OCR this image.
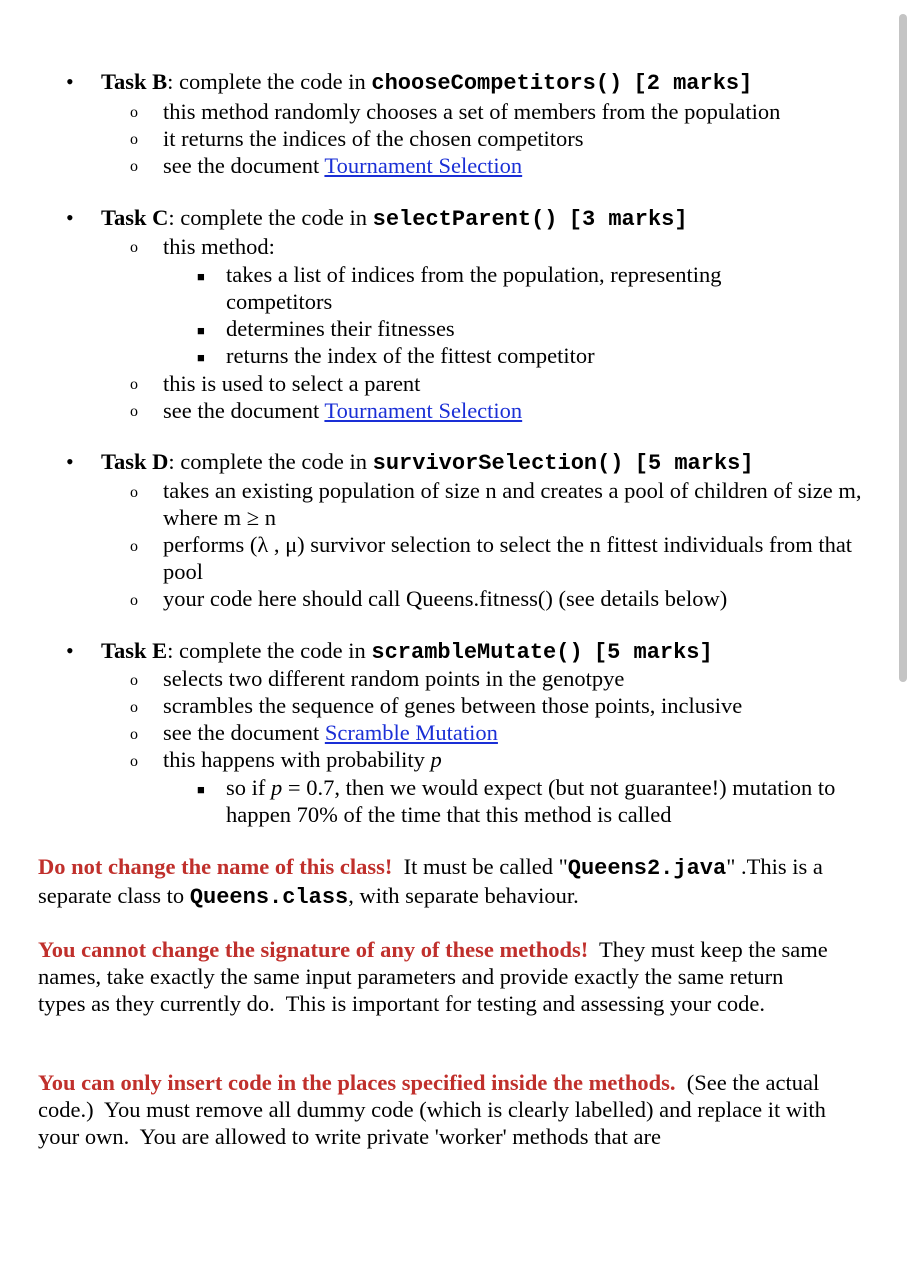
• Task B: complete the code in chooseCompetitors() [2 marks]
o this method randomly chooses a set of members from the population
o it returns the indices of the chosen competitors
o see the document Tournament Selection
• Task C: complete the code in selectParent() [3 marks]
o this method:
■ takes a list of indices from the population, representing competitors
■ determines their fitnesses
■ returns the index of the fittest competitor
o this is used to select a parent
o see the document Tournament Selection
• Task D: complete the code in survivorSelection() [5 marks]
o takes an existing population of size n and creates a pool of children of size m, where m ≥ n
o performs (λ , μ) survivor selection to select the n fittest individuals from that pool
o your code here should call Queens.fitness() (see details below)
• Task E: complete the code in scrambleMutate() [5 marks]
o selects two different random points in the genotpye
o scrambles the sequence of genes between those points, inclusive
o see the document Scramble Mutation
o this happens with probability p
■ so if p = 0.7, then we would expect (but not guarantee!) mutation to happen 70% of the time that this method is called
Do not change the name of this class!  It must be called "Queens2.java" .This is a separate class to Queens.class, with separate behaviour.
You cannot change the signature of any of these methods!  They must keep the same names, take exactly the same input parameters and provide exactly the same return types as they currently do.  This is important for testing and assessing your code.
You can only insert code in the places specified inside the methods.  (See the actual code.)  You must remove all dummy code (which is clearly labelled) and replace it with your own.  You are allowed to write private 'worker' methods that are
